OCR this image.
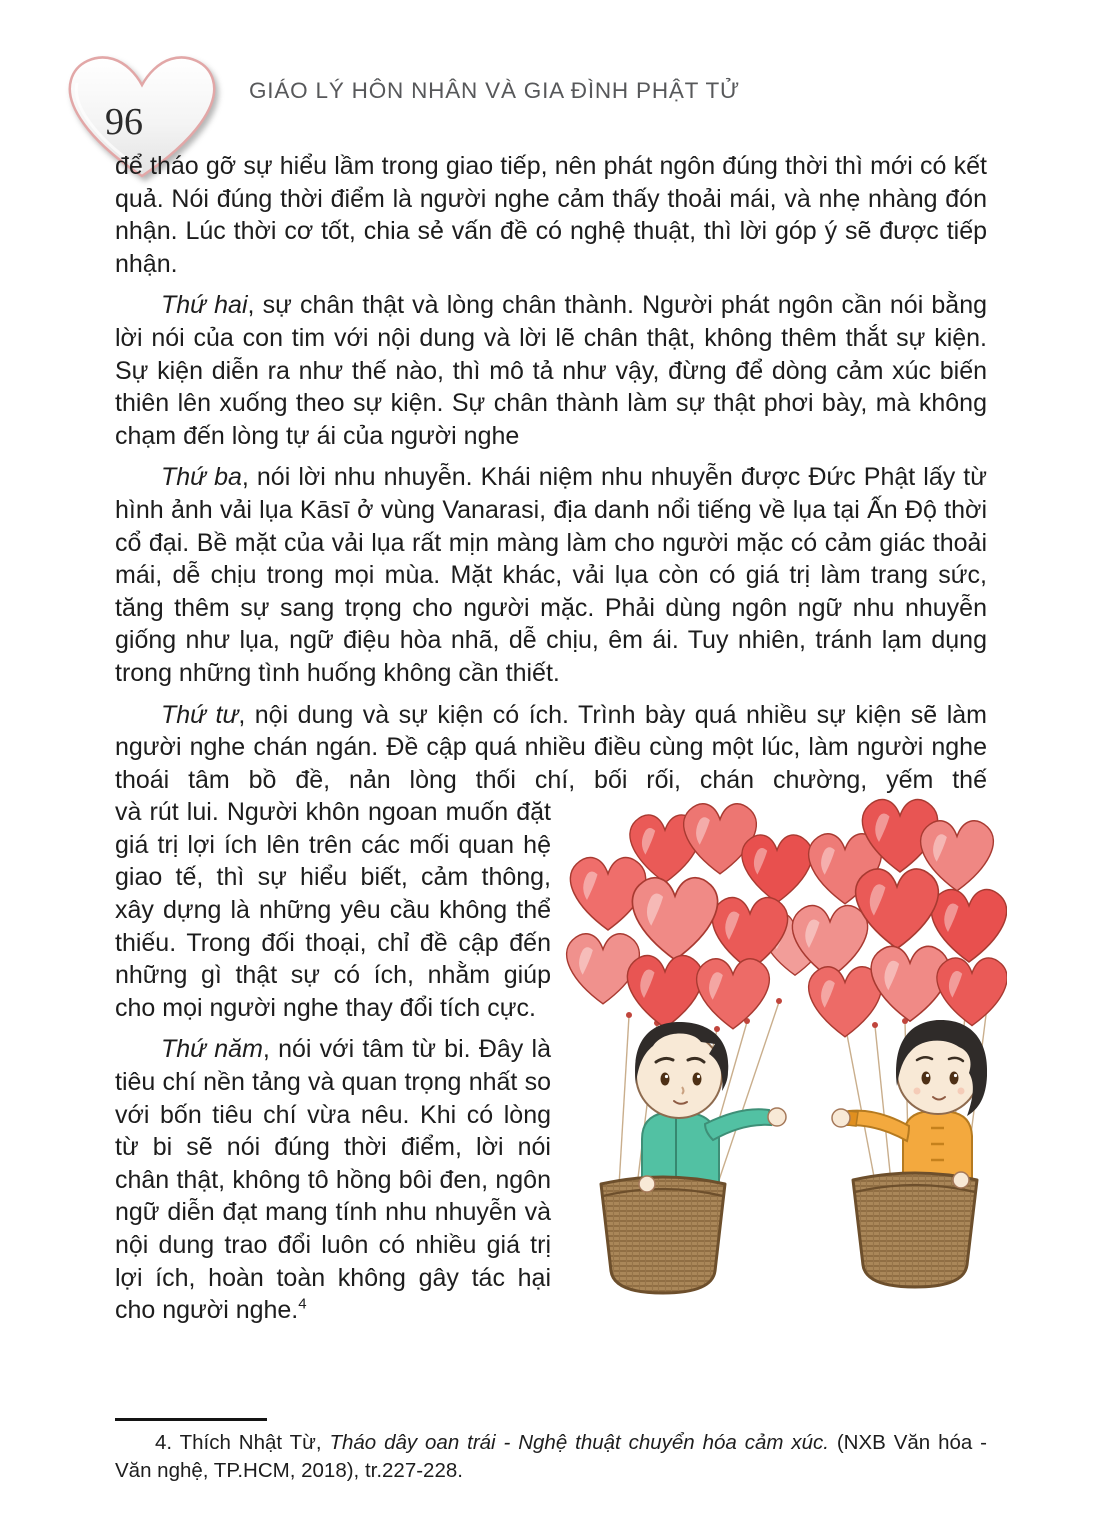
96
GIÁO LÝ HÔN NHÂN VÀ GIA ĐÌNH PHẬT TỬ

để tháo gỡ sự hiểu lầm trong giao tiếp, nên phát ngôn đúng thời thì mới có kết quả. Nói đúng thời điểm là người nghe cảm thấy thoải mái, và nhẹ nhàng đón nhận. Lúc thời cơ tốt, chia sẻ vấn đề có nghệ thuật, thì lời góp ý sẽ được tiếp nhận.

Thứ hai, sự chân thật và lòng chân thành. Người phát ngôn cần nói bằng lời nói của con tim với nội dung và lời lẽ chân thật, không thêm thắt sự kiện. Sự kiện diễn ra như thế nào, thì mô tả như vậy, đừng để dòng cảm xúc biến thiên lên xuống theo sự kiện. Sự chân thành làm sự thật phơi bày, mà không chạm đến lòng tự ái của người nghe

Thứ ba, nói lời nhu nhuyễn. Khái niệm nhu nhuyễn được Đức Phật lấy từ hình ảnh vải lụa Kāsī ở vùng Vanarasi, địa danh nổi tiếng về lụa tại Ấn Độ thời cổ đại. Bề mặt của vải lụa rất mịn màng làm cho người mặc có cảm giác thoải mái, dễ chịu trong mọi mùa. Mặt khác, vải lụa còn có giá trị làm trang sức, tăng thêm sự sang trọng cho người mặc. Phải dùng ngôn ngữ nhu nhuyễn giống như lụa, ngữ điệu hòa nhã, dễ chịu, êm ái. Tuy nhiên, tránh lạm dụng trong những tình huống không cần thiết.

Thứ tư, nội dung và sự kiện có ích. Trình bày quá nhiều sự kiện sẽ làm người nghe chán ngán. Đề cập quá nhiều điều cùng một lúc, làm người nghe thoái tâm bồ đề, nản lòng thối chí, bối rối, chán chường, yếm thế

và rút lui. Người khôn ngoan muốn đặt giá trị lợi ích lên trên các mối quan hệ giao tế, thì sự hiểu biết, cảm thông, xây dựng là những yêu cầu không thể thiếu. Trong đối thoại, chỉ đề cập đến những gì thật sự có ích, nhằm giúp cho mọi người nghe thay đổi tích cực.

Thứ năm, nói với tâm từ bi. Đây là tiêu chí nền tảng và quan trọng nhất so với bốn tiêu chí vừa nêu. Khi có lòng từ bi sẽ nói đúng thời điểm, lời nói chân thật, không tô hồng bôi đen, ngôn ngữ diễn đạt mang tính nhu nhuyễn và nội dung trao đổi luôn có nhiều giá trị lợi ích, hoàn toàn không gây tác hại cho người nghe.$^4$

4. Thích Nhật Từ, Tháo dây oan trái - Nghệ thuật chuyển hóa cảm xúc. (NXB Văn hóa - Văn nghệ, TP.HCM, 2018), tr.227-228.
